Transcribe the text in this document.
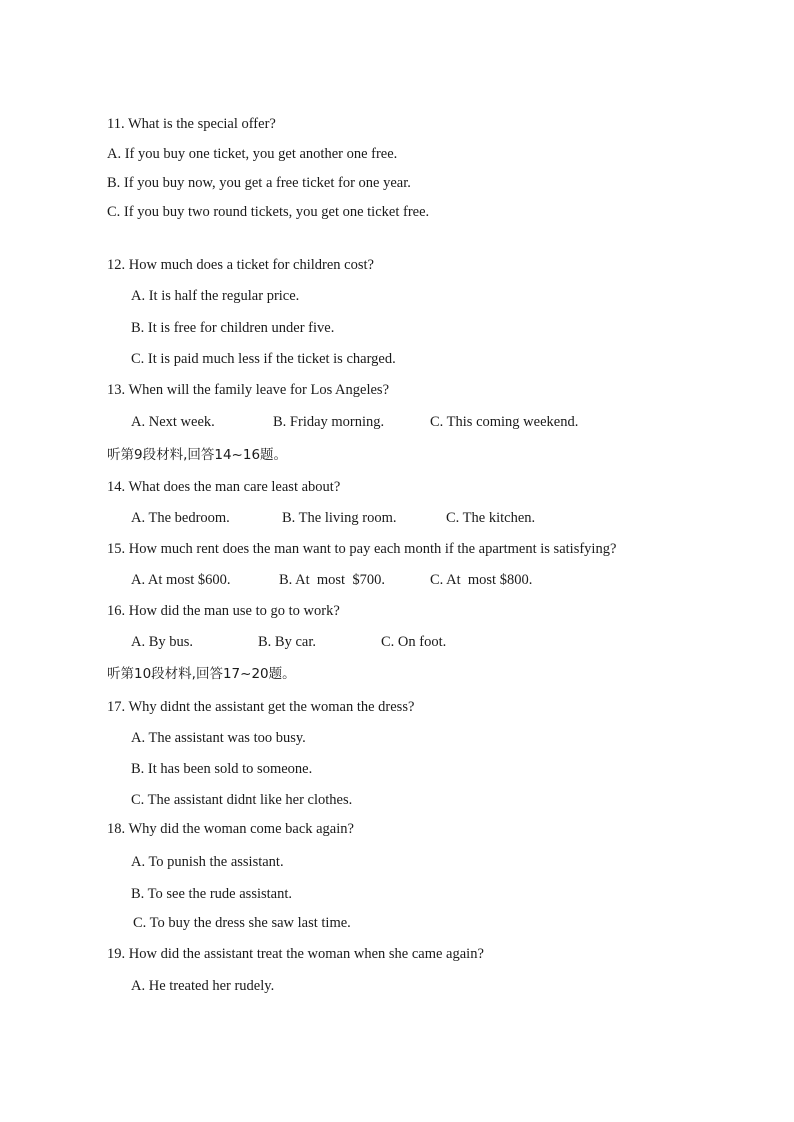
11. What is the special offer?
A. If you buy one ticket, you get another one free.
B. If you buy now, you get a free ticket for one year.
C. If you buy two round tickets, you get one ticket free.
12. How much does a ticket for children cost?
A. It is half the regular price.
B. It is free for children under five.
C. It is paid much less if the ticket is charged.
13. When will the family leave for Los Angeles?
A. Next week.	B. Friday morning.	C. This coming weekend.
听第9段材料,回答14~16题。
14. What does the man care least about?
A. The bedroom.	B. The living room.	C. The kitchen.
15. How much rent does the man want to pay each month if the apartment is satisfying?
A. At most $600.	B. At  most  $700.	C. At  most $800.
16. How did the man use to go to work?
A. By bus.	B. By car.	C. On foot.
听第10段材料,回答17~20题。
17. Why didnt the assistant get the woman the dress?
A. The assistant was too busy.
B. It has been sold to someone.
C. The assistant didnt like her clothes.
18. Why did the woman come back again?
A. To punish the assistant.
B. To see the rude assistant.
C. To buy the dress she saw last time.
19. How did the assistant treat the woman when she came again?
A. He treated her rudely.
